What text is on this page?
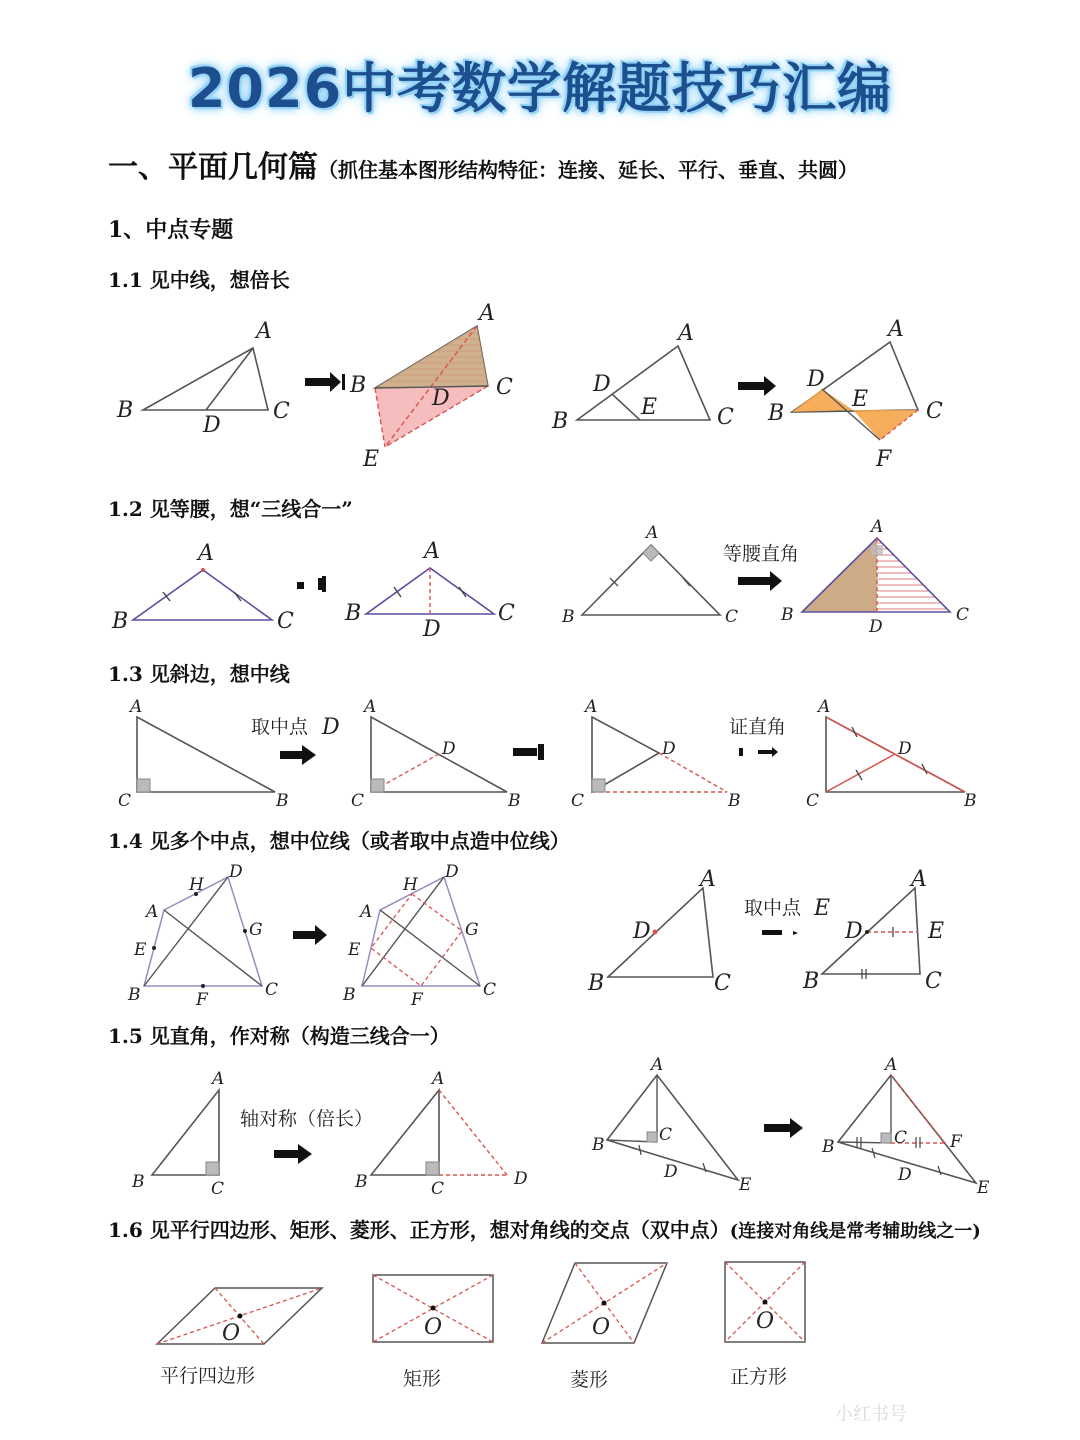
2026中考数学解题技巧汇编
一、平面几何篇（抓住基本图形结构特征：连接、延长、平行、垂直、共圆）
1、中点专题
1.1 见中线，想倍长
1.2 见等腰，想“三线合一”
1.3 见斜边，想中线
1.4 见多个中点，想中位线（或者取中点造中位线）
1.5 见直角，作对称（构造三线合一）
1.6 见平行四边形、矩形、菱形、正方形，想对角线的交点（双中点）(连接对角线是常考辅助线之一)
A
B	C
D
A
B	C
D
E
A
B	C
D
E
A
B	C
D
E
F
A
B	C
A
B	C
D
A
B	C
等腰直角
A
B	C
D
A
C	B
取中点 D
A
C	B
D
A
C	B
D
证直角
A
C	B
D
D
H
A
E
G
B	F	C
D
H
A
E
G
B	F	C
A
D
B	C
取中点 E
A
D	E
B	C
A
B	C
轴对称（倍长）
A
B	C	D
A
B	C
D
E
A
B	C
D
F
E
O
平行四边形
O
矩形
O
菱形
O
正方形
小红书号
